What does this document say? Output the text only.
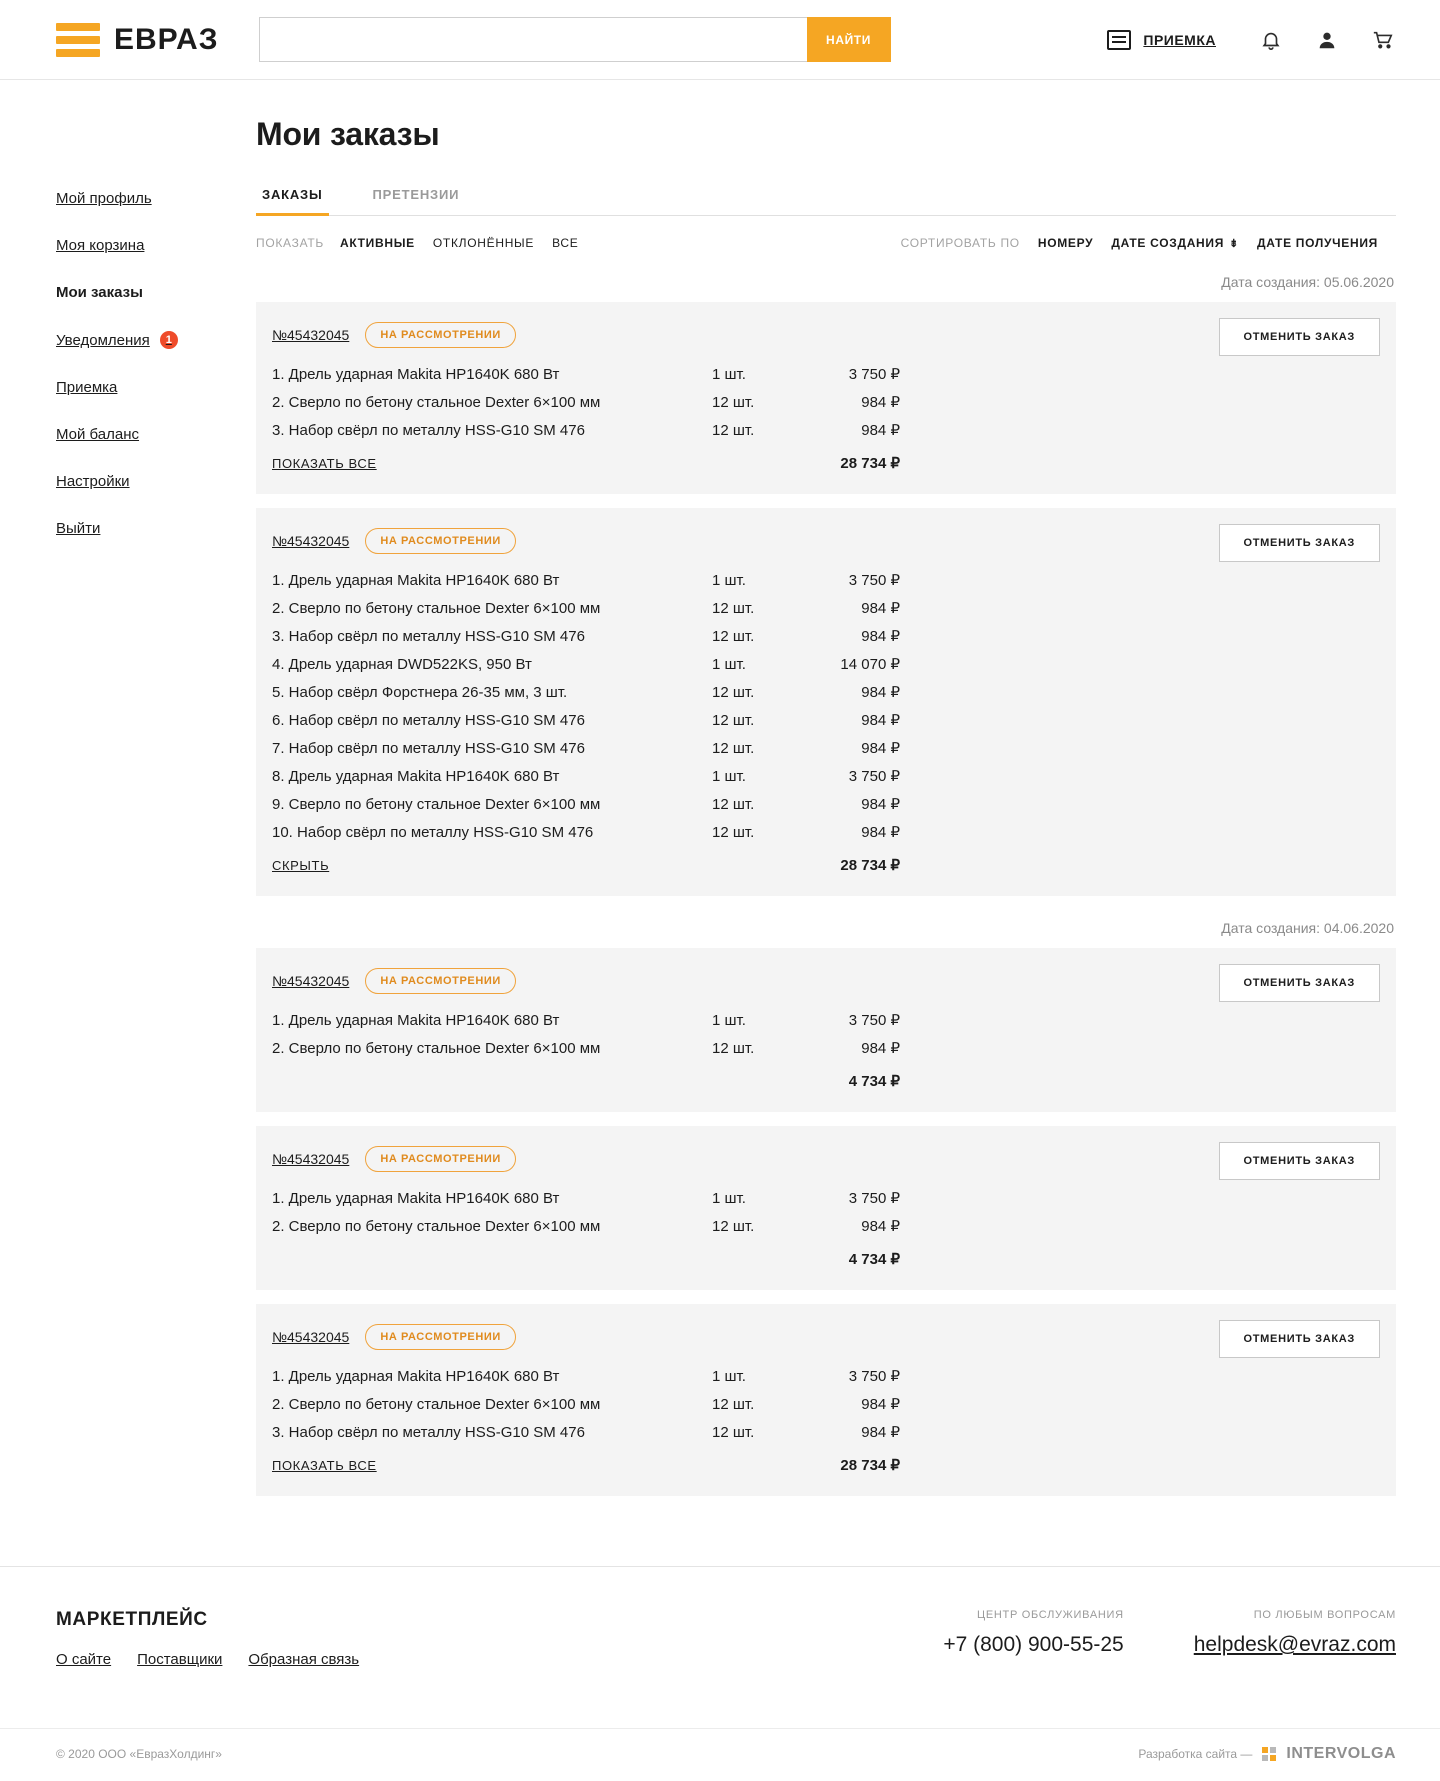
ЕВРАЗ	НАЙТИ	ПРИЕМКА
Мой профиль
Моя корзина
Мои заказы
Уведомления	1
Приемка
Мой баланс
Настройки
Выйти
Мои заказы
ЗАКАЗЫ	ПРЕТЕНЗИИ
ПОКАЗАТЬ АКТИВНЫЕ ОТКЛОНЁННЫЕ ВСЕ	СОРТИРОВАТЬ ПО НОМЕРУ ДАТЕ СОЗДАНИЯ ⇟ ДАТЕ ПОЛУЧЕНИЯ
Дата создания: 05.06.2020
№45432045	НА РАССМОТРЕНИИ	ОТМЕНИТЬ ЗАКАЗ
1. Дрель ударная Makita HP1640K 680 Вт	1 шт.	3 750 ₽
2. Сверло по бетону стальное Dexter 6×100 мм	12 шт.	984 ₽
3. Набор свёрл по металлу HSS-G10 SM 476	12 шт.	984 ₽
ПОКАЗАТЬ ВСЕ	28 734 ₽
№45432045	НА РАССМОТРЕНИИ	ОТМЕНИТЬ ЗАКАЗ
1. Дрель ударная Makita HP1640K 680 Вт	1 шт.	3 750 ₽
2. Сверло по бетону стальное Dexter 6×100 мм	12 шт.	984 ₽
3. Набор свёрл по металлу HSS-G10 SM 476	12 шт.	984 ₽
4. Дрель ударная DWD522KS, 950 Вт	1 шт.	14 070 ₽
5. Набор свёрл Форстнера 26-35 мм, 3 шт.	12 шт.	984 ₽
6. Набор свёрл по металлу HSS-G10 SM 476	12 шт.	984 ₽
7. Набор свёрл по металлу HSS-G10 SM 476	12 шт.	984 ₽
8. Дрель ударная Makita HP1640K 680 Вт	1 шт.	3 750 ₽
9. Сверло по бетону стальное Dexter 6×100 мм	12 шт.	984 ₽
10. Набор свёрл по металлу HSS-G10 SM 476	12 шт.	984 ₽
СКРЫТЬ	28 734 ₽
Дата создания: 04.06.2020
№45432045	НА РАССМОТРЕНИИ	ОТМЕНИТЬ ЗАКАЗ
1. Дрель ударная Makita HP1640K 680 Вт	1 шт.	3 750 ₽
2. Сверло по бетону стальное Dexter 6×100 мм	12 шт.	984 ₽
4 734 ₽
№45432045	НА РАССМОТРЕНИИ	ОТМЕНИТЬ ЗАКАЗ
1. Дрель ударная Makita HP1640K 680 Вт	1 шт.	3 750 ₽
2. Сверло по бетону стальное Dexter 6×100 мм	12 шт.	984 ₽
4 734 ₽
№45432045	НА РАССМОТРЕНИИ	ОТМЕНИТЬ ЗАКАЗ
1. Дрель ударная Makita HP1640K 680 Вт	1 шт.	3 750 ₽
2. Сверло по бетону стальное Dexter 6×100 мм	12 шт.	984 ₽
3. Набор свёрл по металлу HSS-G10 SM 476	12 шт.	984 ₽
ПОКАЗАТЬ ВСЕ	28 734 ₽
МАРКЕТПЛЕЙС
О сайте Поставщики Образная связь
ЦЕНТР ОБСЛУЖИВАНИЯ
+7 (800) 900-55-25
ПО ЛЮБЫМ ВОПРОСАМ
helpdesk@evraz.com
© 2020 ООО «ЕвразХолдинг»	Разработка сайта — INTERVOLGA
